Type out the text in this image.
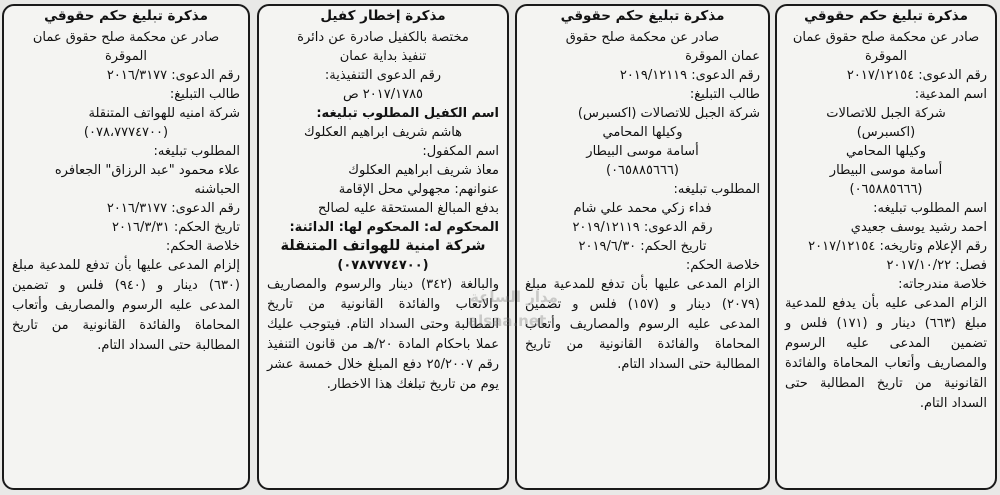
مذكرة تبليغ حكم حقوقي
صادر عن محكمة صلح حقوق عمان
الموقرة
رقم الدعوى: ٢٠١٧/١٢١٥٤
اسم المدعية:
شركة الجبل للاتصالات
(اكسبرس)
وكيلها المحامي
أسامة موسى البيطار
(٠٦٥٨٨٥٦٦٦)
اسم المطلوب تبليغه:
احمد رشيد يوسف جعيدي
رقم الإعلام وتاريخه: ٢٠١٧/١٢١٥٤
فصل: ٢٠١٧/١٠/٢٢
خلاصة مندرجاته:
الزام المدعى عليه بأن يدفع للمدعية مبلغ (٦٦٣) دينار و (١٧١) فلس و تضمين المدعى عليه الرسوم والمصاريف وأتعاب المحاماة والفائدة القانونية من تاريخ المطالبة حتى السداد التام.
مذكرة تبليغ حكم حقوقي
صادر عن محكمة صلح حقوق
عمان الموقرة
رقم الدعوى: ٢٠١٩/١٢١١٩
طالب التبليغ:
شركة الجبل للاتصالات (اكسبرس)
وكيلها المحامي
أسامة موسى البيطار
(٠٦٥٨٨٥٦٦٦)
المطلوب تبليغه:
فداء زكي محمد علي شام
رقم الدعوى: ٢٠١٩/١٢١١٩
تاريخ الحكم: ٢٠١٩/٦/٣٠
خلاصة الحكم:
الزام المدعى عليها بأن تدفع للمدعية مبلغ (٢٠٧٩) دينار و (١٥٧) فلس و تضمين المدعى عليه الرسوم والمصاريف وأتعاب المحاماة والفائدة القانونية من تاريخ المطالبة حتى السداد التام.
مذكرة إخطار كفيل
مختصة بالكفيل صادرة عن دائرة
تنفيذ بداية عمان
رقم الدعوى التنفيذية:
٢٠١٧/١٧٨٥ ص
اسم الكفيل المطلوب تبليغه:
هاشم شريف ابراهيم العكلوك
اسم المكفول:
معاذ شريف ابراهيم العكلوك
عنوانهم: مجهولي محل الإقامة
بدفع المبالغ المستحقة عليه لصالح
المحكوم له: المحكوم لها: الدائنة:
شركة امنية للهواتف المتنقلة
(٠٧٨٧٧٧٤٧٠٠)
والبالغة (٣٤٢) دينار والرسوم والمصاريف والاتعاب والفائدة القانونية من تاريخ المطالبة وحتى السداد التام. فيتوجب عليك عملا باحكام المادة ٢٠/هـ من قانون التنفيذ رقم ٢٥/٢٠٠٧ دفع المبلغ خلال خمسة عشر يوم من تاريخ تبلغك هذا الاخطار.
مذكرة تبليغ حكم حقوقي
صادر عن محكمة صلح حقوق عمان
الموقرة
رقم الدعوى: ٢٠١٦/٣١٧٧
طالب التبليغ:
شركة امنيه للهواتف المتنقلة
(٠٧٨،٧٧٧٤٧٠٠)
المطلوب تبليغه:
علاء محمود "عبد الرزاق" الجعافره
الحباشنه
رقم الدعوى: ٢٠١٦/٣١٧٧
تاريخ الحكم: ٢٠١٦/٣/٣١
خلاصة الحكم:
إلزام المدعى عليها بأن تدفع للمدعية مبلغ (٦٣٠) دينار و (٩٤٠) فلس و تضمين المدعى عليه الرسوم والمصاريف وأتعاب المحاماة والفائدة القانونية من تاريخ المطالبة حتى السداد التام.
مدار الساعة
alsaa.net
